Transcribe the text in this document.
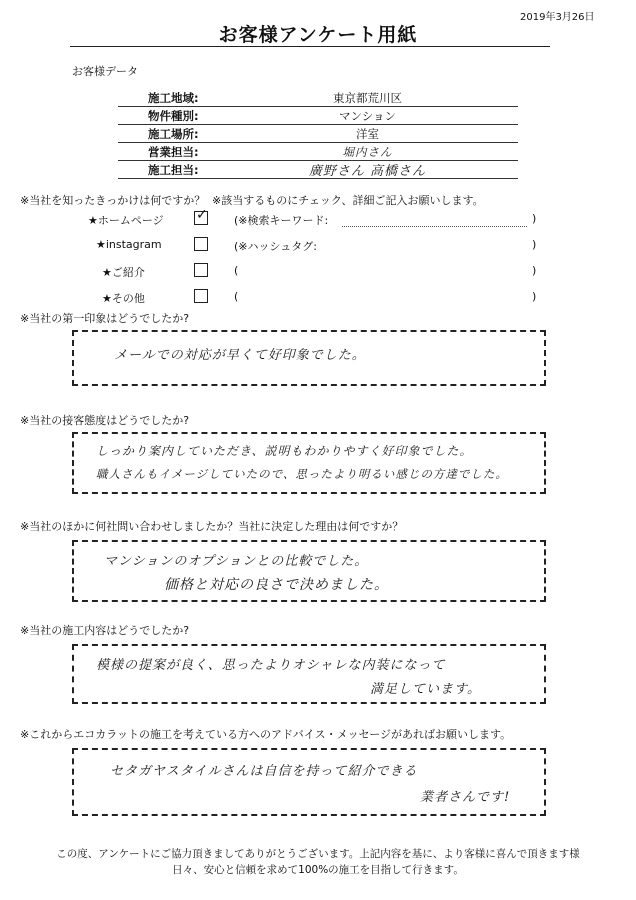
2019年3月26日
お客様アンケート用紙
お客様データ
施工地域:	東京都荒川区
物件種別:	マンション
施工場所:	洋室
営業担当:	堀内さん
施工担当:	廣野さん 高橋さん
※当社を知ったきっかけは何ですか？ ※該当するものにチェック、詳細ご記入お願いします。
★ホームページ ✓ (※検索キーワード:	)
★instagram	(※ハッシュタグ:	)
★ご紹介	(	)
★その他	(	)
※当社の第一印象はどうでしたか?
メールでの対応が早くて好印象でした。
※当社の接客態度はどうでしたか?
しっかり案内していただき、説明もわかりやすく好印象でした。
職人さんもイメージしていたので、思ったより明るい感じの方達でした。
※当社のほかに何社問い合わせしましたか？当社に決定した理由は何ですか？
マンションのオプションとの比較でした。
価格と対応の良さで決めました。
※当社の施工内容はどうでしたか?
模様の提案が良く、思ったよりオシャレな内装になって
満足しています。
※これからエコカラットの施工を考えている方へのアドバイス・メッセージがあればお願いします。
セタガヤスタイルさんは自信を持って紹介できる
業者さんです!
この度、アンケートにご協力頂きましてありがとうございます。上記内容を基に、より客様に喜んで頂きます様
日々、安心と信頼を求めて100%の施工を目指して行きます。
